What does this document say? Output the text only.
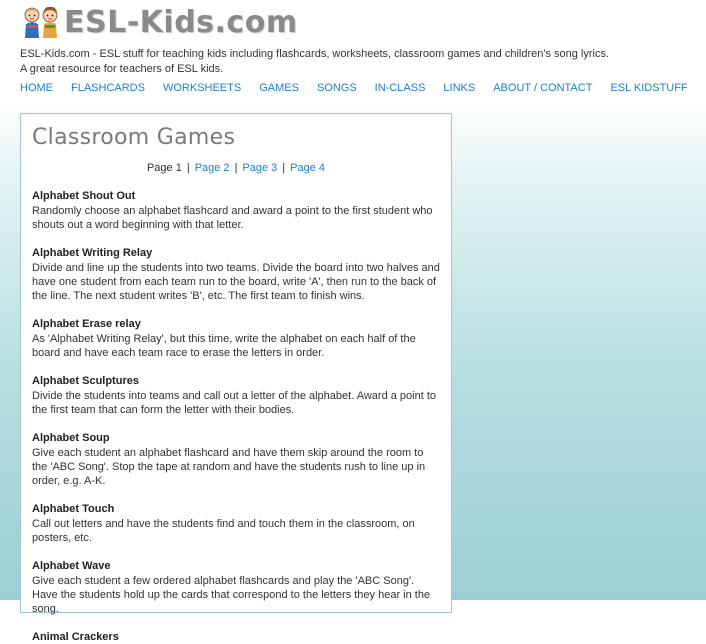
ESL-Kids.com
ESL-Kids.com - ESL stuff for teaching kids including flashcards, worksheets, classroom games and children's song lyrics.
A great resource for teachers of ESL kids.
HOME FLASHCARDS WORKSHEETS GAMES SONGS IN-CLASS LINKS ABOUT / CONTACT ESL KIDSTUFF
Classroom Games
Page 1 | Page 2 | Page 3 | Page 4
Alphabet Shout Out
Randomly choose an alphabet flashcard and award a point to the first student who shouts out a word beginning with that letter.
Alphabet Writing Relay
Divide and line up the students into two teams. Divide the board into two halves and have one student from each team run to the board, write 'A', then run to the back of the line. The next student writes 'B', etc. The first team to finish wins.
Alphabet Erase relay
As 'Alphabet Writing Relay', but this time, write the alphabet on each half of the board and have each team race to erase the letters in order.
Alphabet Sculptures
Divide the students into teams and call out a letter of the alphabet. Award a point to the first team that can form the letter with their bodies.
Alphabet Soup
Give each student an alphabet flashcard and have them skip around the room to the 'ABC Song'. Stop the tape at random and have the students rush to line up in order, e.g. A-K.
Alphabet Touch
Call out letters and have the students find and touch them in the classroom, on posters, etc.
Alphabet Wave
Give each student a few ordered alphabet flashcards and play the 'ABC Song'. Have the students hold up the cards that correspond to the letters they hear in the song.
Animal Crackers
